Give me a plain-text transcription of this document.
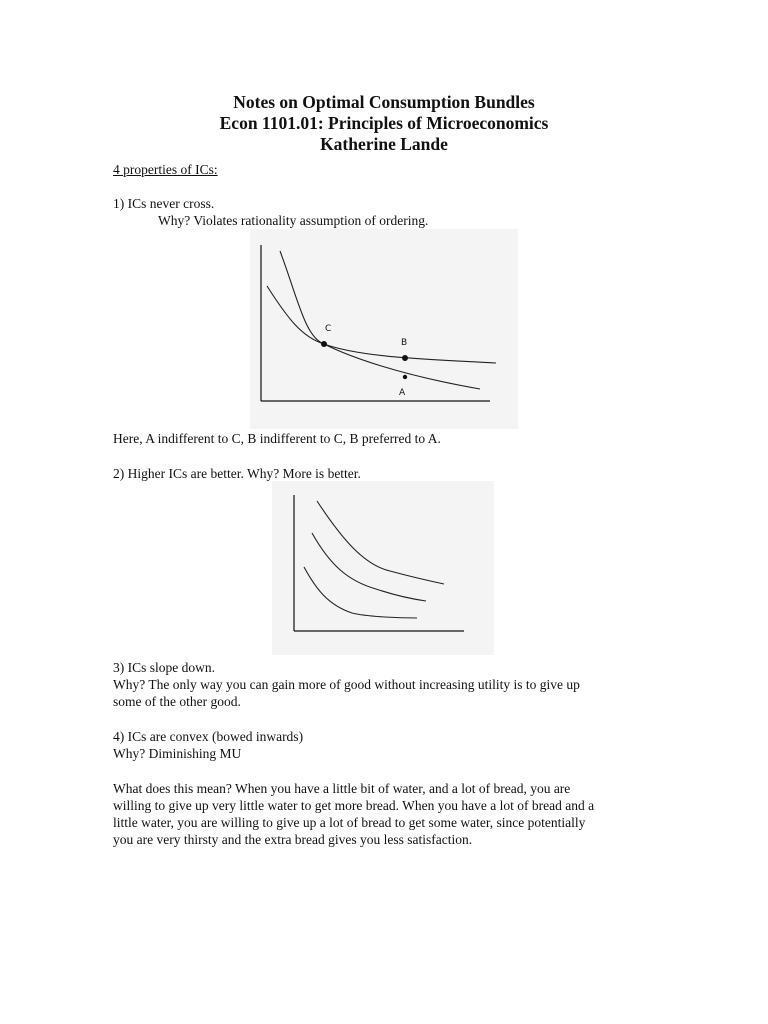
Notes on Optimal Consumption Bundles
Econ 1101.01: Principles of Microeconomics
Katherine Lande
4 properties of ICs:
1) ICs never cross.
Why? Violates rationality assumption of ordering.
C
B
A
Here, A indifferent to C, B indifferent to C, B preferred to A.
2) Higher ICs are better. Why? More is better.
3) ICs slope down.
Why? The only way you can gain more of good without increasing utility is to give up
some of the other good.
4) ICs are convex (bowed inwards)
Why? Diminishing MU
What does this mean? When you have a little bit of water, and a lot of bread, you are
willing to give up very little water to get more bread. When you have a lot of bread and a
little water, you are willing to give up a lot of bread to get some water, since potentially
you are very thirsty and the extra bread gives you less satisfaction.
